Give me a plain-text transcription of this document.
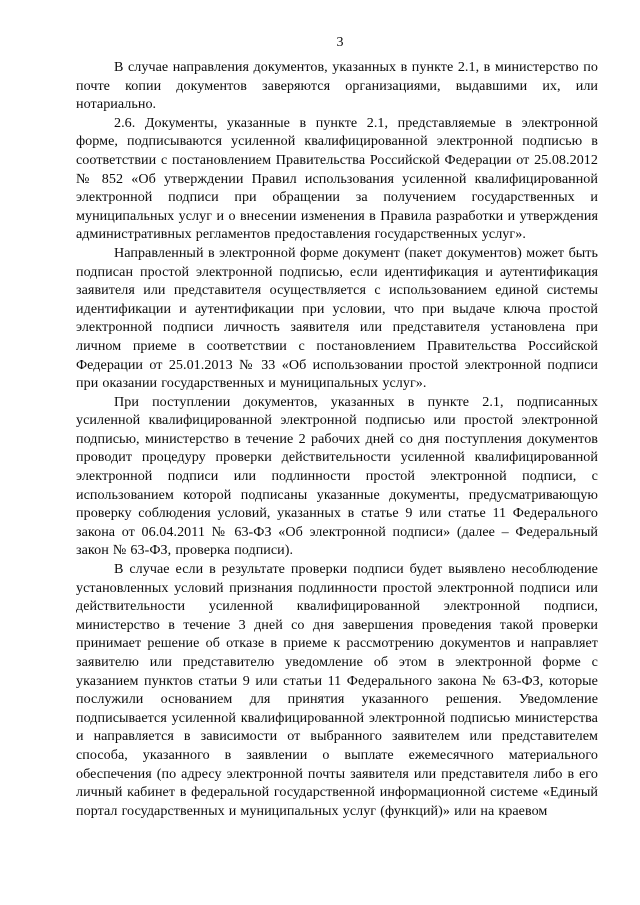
3

В случае направления документов, указанных в пункте 2.1, в министерство по почте копии документов заверяются организациями, выдавшими их, или нотариально.

2.6. Документы, указанные в пункте 2.1, представляемые в электронной форме, подписываются усиленной квалифицированной электронной подписью в соответствии с постановлением Правительства Российской Федерации от 25.08.2012 № 852 «Об утверждении Правил использования усиленной квалифицированной электронной подписи при обращении за получением государственных и муниципальных услуг и о внесении изменения в Правила разработки и утверждения административных регламентов предоставления государственных услуг».

Направленный в электронной форме документ (пакет документов) может быть подписан простой электронной подписью, если идентификация и аутентификация заявителя или представителя осуществляется с использованием единой системы идентификации и аутентификации при условии, что при выдаче ключа простой электронной подписи личность заявителя или представителя установлена при личном приеме в соответствии с постановлением Правительства Российской Федерации от 25.01.2013 № 33 «Об использовании простой электронной подписи при оказании государственных и муниципальных услуг».

При поступлении документов, указанных в пункте 2.1, подписанных усиленной квалифицированной электронной подписью или простой электронной подписью, министерство в течение 2 рабочих дней со дня поступления документов проводит процедуру проверки действительности усиленной квалифицированной электронной подписи или подлинности простой электронной подписи, с использованием которой подписаны указанные документы, предусматривающую проверку соблюдения условий, указанных в статье 9 или статье 11 Федерального закона от 06.04.2011 № 63-ФЗ «Об электронной подписи» (далее – Федеральный закон № 63-ФЗ, проверка подписи).

В случае если в результате проверки подписи будет выявлено несоблюдение установленных условий признания подлинности простой электронной подписи или действительности усиленной квалифицированной электронной подписи, министерство в течение 3 дней со дня завершения проведения такой проверки принимает решение об отказе в приеме к рассмотрению документов и направляет заявителю или представителю уведомление об этом в электронной форме с указанием пунктов статьи 9 или статьи 11 Федерального закона № 63-ФЗ, которые послужили основанием для принятия указанного решения. Уведомление подписывается усиленной квалифицированной электронной подписью министерства и направляется в зависимости от выбранного заявителем или представителем способа, указанного в заявлении о выплате ежемесячного материального обеспечения (по адресу электронной почты заявителя или представителя либо в его личный кабинет в федеральной государственной информационной системе «Единый портал государственных и муниципальных услуг (функций)» или на краевом
